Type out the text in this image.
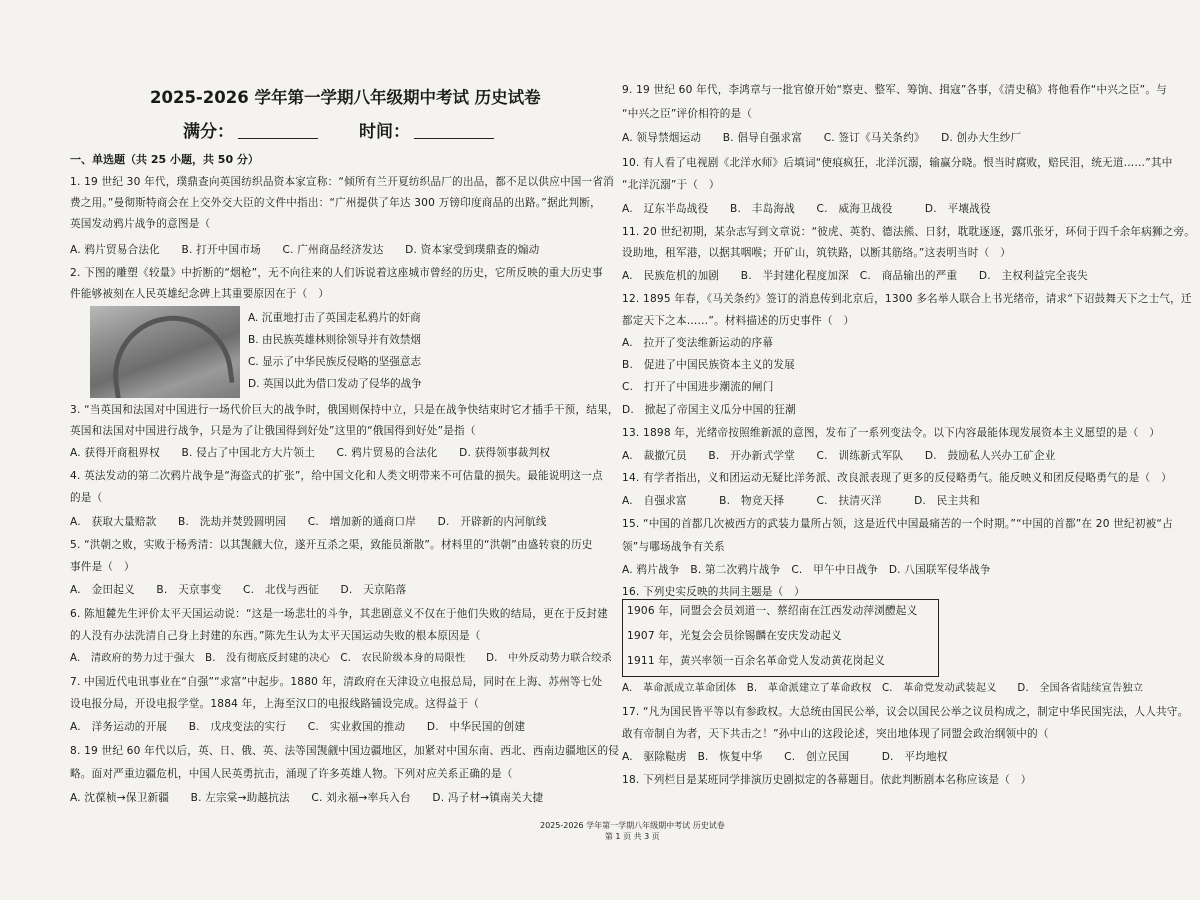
2025-2026 学年第一学期八年级期中考试 历史试卷
满分：	时间：
一、单选题（共 25 小题，共 50 分）
1. 19 世纪 30 年代，璞鼎查向英国纺织品资本家宣称：“倾所有兰开夏纺织品厂的出品，都不足以供应中国一省消
费之用。”曼彻斯特商会在上交外交大臣的文件中指出：“广州提供了年达 300 万镑印度商品的出路。”据此判断，
英国发动鸦片战争的意图是（
A. 鸦片贸易合法化　　B. 打开中国市场　　C. 广州商品经济发达　　D. 资本家受到璞鼎查的煽动
2. 下图的雕塑《较量》中折断的“烟枪”，无不向往来的人们诉说着这座城市曾经的历史，它所反映的重大历史事
件能够被刻在人民英雄纪念碑上其重要原因在于（　）
A. 沉重地打击了英国走私鸦片的奸商
B. 由民族英雄林则徐领导并有效禁烟
C. 显示了中华民族反侵略的坚强意志
D. 英国以此为借口发动了侵华的战争
3. “当英国和法国对中国进行一场代价巨大的战争时，俄国则保持中立，只是在战争快结束时它才插手干预，结果，
英国和法国对中国进行战争，只是为了让俄国得到好处”这里的“俄国得到好处”是指（
A. 获得开商租界权　　B. 侵占了中国北方大片领土　　C. 鸦片贸易的合法化　　D. 获得领事裁判权
4. 英法发动的第二次鸦片战争是“海盗式的扩张”，给中国文化和人类文明带来不可估量的损失。最能说明这一点
的是（
A.　获取大量赔款　　B.　洗劫并焚毁圆明园　　C.　增加新的通商口岸　　D.　开辟新的内河航线
5. “洪朝之败，实败于杨秀清：以其觊觎大位，遂开互杀之渠，致能员渐散”。材料里的“洪朝”由盛转衰的历史
事件是（　）
A.　金田起义　　B.　天京事变　　C.　北伐与西征　　D.　天京陷落
6. 陈旭麓先生评价太平天国运动说：“这是一场悲壮的斗争，其悲剧意义不仅在于他们失败的结局，更在于反封建
的人没有办法洗清自己身上封建的东西。”陈先生认为太平天国运动失败的根本原因是（
A.　清政府的势力过于强大　B.　没有彻底反封建的决心　C.　农民阶级本身的局限性　　D.　中外反动势力联合绞杀
7. 中国近代电讯事业在“自强”“求富”中起步。1880 年，清政府在天津设立电报总局，同时在上海、苏州等七处
设电报分局，开设电报学堂。1884 年，上海至汉口的电报线路铺设完成。这得益于（
A.　洋务运动的开展　　B.　戊戌变法的实行　　C.　实业救国的推动　　D.　中华民国的创建
8. 19 世纪 60 年代以后，英、日、俄、英、法等国觊觎中国边疆地区，加紧对中国东南、西北、西南边疆地区的侵
略。面对严重边疆危机，中国人民英勇抗击，涌现了许多英雄人物。下列对应关系正确的是（
A. 沈葆桢→保卫新疆　　B. 左宗棠→助越抗法　　C. 刘永福→率兵入台　　D. 冯子材→镇南关大捷
9. 19 世纪 60 年代，李鸿章与一批官僚开始“察吏、整军、筹饷、揖寇”各事，《清史稿》将他看作“中兴之臣”。与
“中兴之臣”评价相符的是（
A. 领导禁烟运动　　B. 倡导自强求富　　C. 签订《马关条约》　　D. 创办大生纱厂
10. 有人看了电视剧《北洋水师》后填词“使痕疯狂，北洋沉溺，输赢分晓。恨当时腐败，赔民泪，统无道……”其中
“北洋沉溺”于（　）
A.　辽东半岛战役　　B.　丰岛海战　　C.　威海卫战役　　　D.　平壤战役
11. 20 世纪初期，某杂志写到文章说：“彼虎、英豹、德法熊、日豺，耽耽逐逐，露爪张牙，环伺于四千余年病狮之旁。
设助地，租军港，以据其咽喉；开矿山，筑铁路，以断其筋络。”这表明当时（　）
A.　民族危机的加剧　　B.　半封建化程度加深　C.　商品输出的严重　　D.　主权利益完全丧失
12. 1895 年春，《马关条约》签订的消息传到北京后，1300 多名举人联合上书光绪帝，请求“下诏鼓舞天下之士气，迁
都定天下之本……”。材料描述的历史事件（　）
A.　拉开了变法维新运动的序幕
B.　促进了中国民族资本主义的发展
C.　打开了中国进步潮流的闸门
D.　掀起了帝国主义瓜分中国的狂潮
13. 1898 年，光绪帝按照维新派的意图，发布了一系列变法令。以下内容最能体现发展资本主义愿望的是（　）
A.　裁撤冗员　　B.　开办新式学堂　　C.　训练新式军队　　D.　鼓励私人兴办工矿企业
14. 有学者指出，义和团运动无疑比洋务派、改良派表现了更多的反侵略勇气。能反映义和团反侵略勇气的是（　）
A.　自强求富　　　B.　物竞天择　　　C.　扶清灭洋　　　D.　民主共和
15. “中国的首都几次被西方的武装力量所占领，这是近代中国最痛苦的一个时期。”“中国的首都”在 20 世纪初被“占
领”与哪场战争有关系
A. 鸦片战争　B. 第二次鸦片战争　C.　甲午中日战争　D. 八国联军侵华战争
16. 下列史实反映的共同主题是（　）
1906 年，同盟会会员刘道一、蔡绍南在江西发动萍浏醴起义
1907 年，光复会会员徐锡麟在安庆发动起义
1911 年，黄兴率领一百余名革命党人发动黄花岗起义
A.　革命派成立革命团体　B.　革命派建立了革命政权　C.　革命党发动武装起义　　D.　全国各省陆续宣告独立
17. “凡为国民皆平等以有参政权。大总统由国民公举，议会以国民公举之议员构成之，制定中华民国宪法，人人共守。
敢有帝制自为者，天下共击之！”孙中山的这段论述，突出地体现了同盟会政治纲领中的（
A.　驱除鞑虏　B.　恢复中华　　C.　创立民国　　　D.　平均地权
18. 下列栏目是某班同学排演历史剧拟定的各幕题目。依此判断剧本名称应该是（　）
2025-2026 学年第一学期八年级期中考试 历史试卷
第 1 页 共 3 页
